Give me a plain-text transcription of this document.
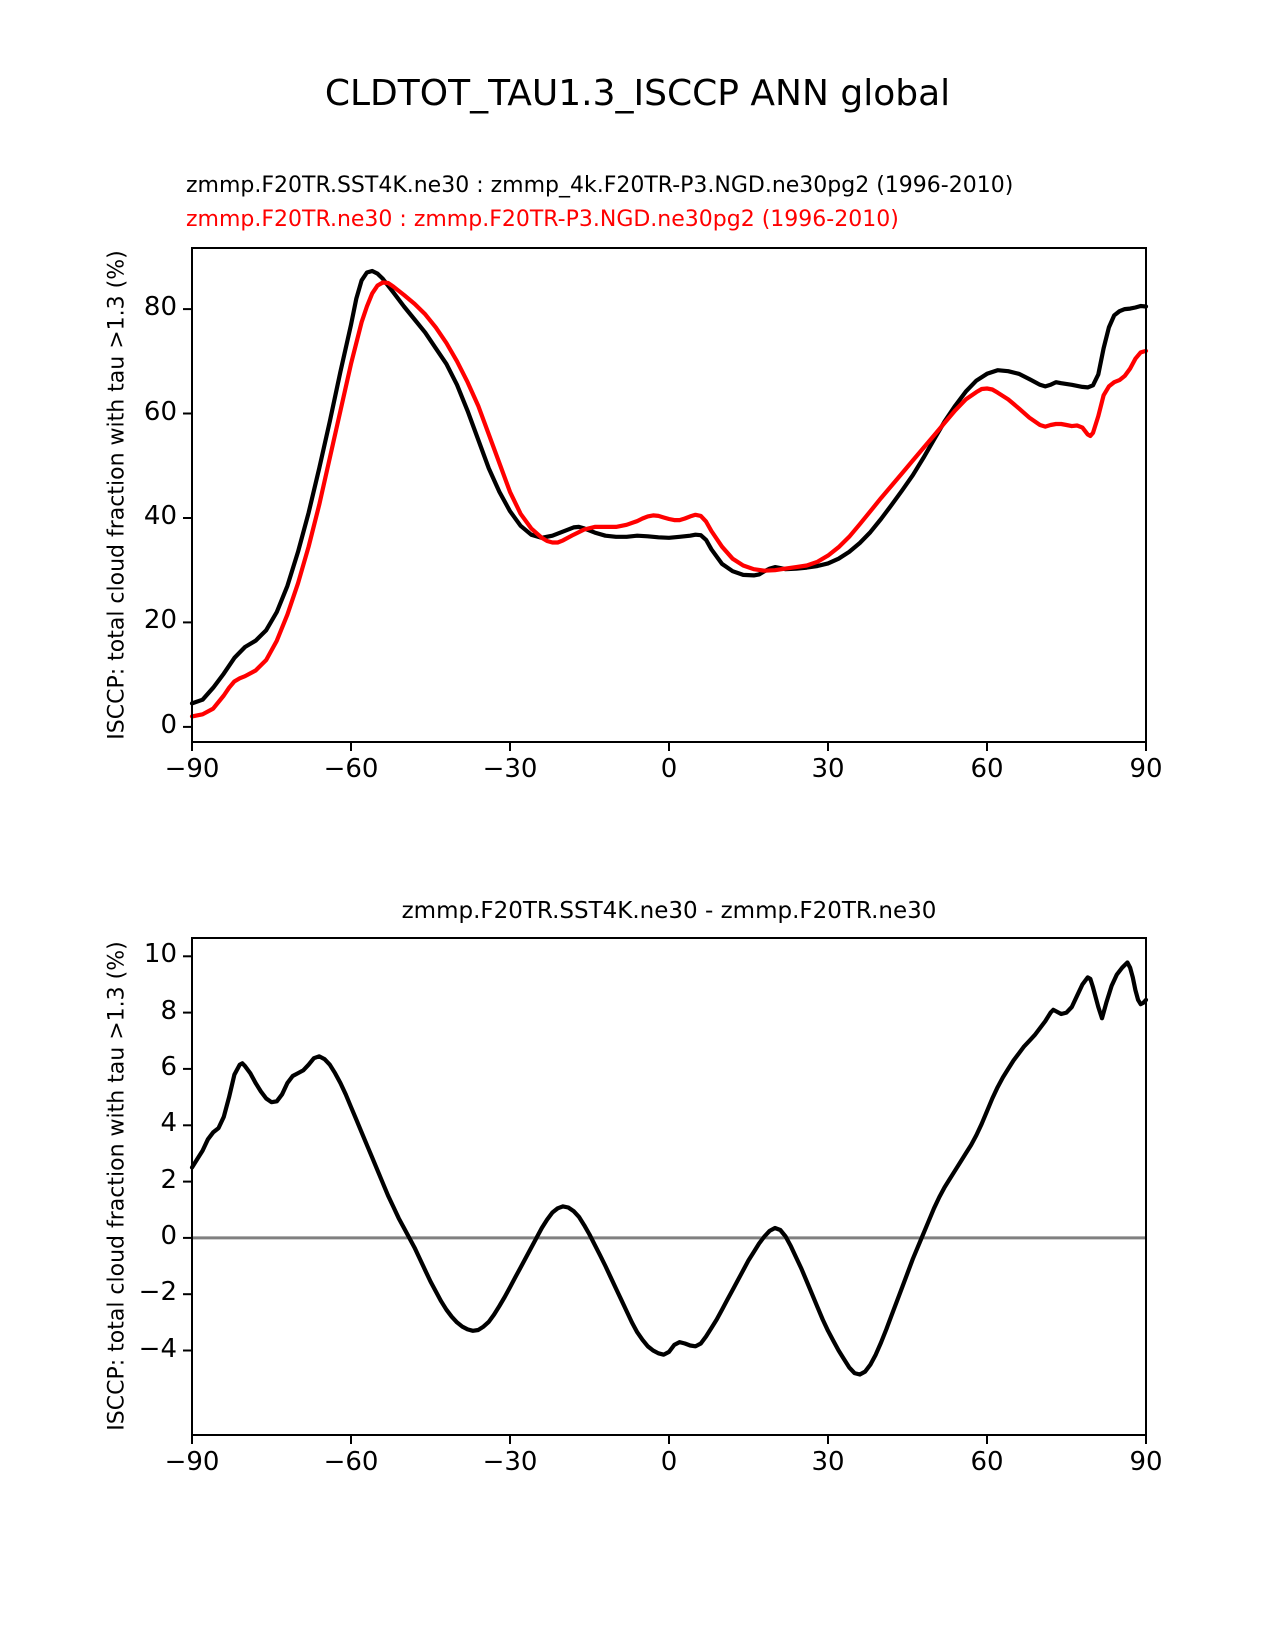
CLDTOT_TAU1.3_ISCCP ANN global
zmmp.F20TR.SST4K.ne30 : zmmp_4k.F20TR-P3.NGD.ne30pg2 (1996-2010)
zmmp.F20TR.ne30 : zmmp.F20TR-P3.NGD.ne30pg2 (1996-2010)
zmmp.F20TR.SST4K.ne30 - zmmp.F20TR.ne30
ISCCP: total cloud fraction with tau >1.3 (%)
ISCCP: total cloud fraction with tau >1.3 (%)
−90	−60	−30	0	30	60	90
0
20
40
60
80
−90	−60	−30	0	30	60	90
−4
−2
0
2
4
6
8
10
